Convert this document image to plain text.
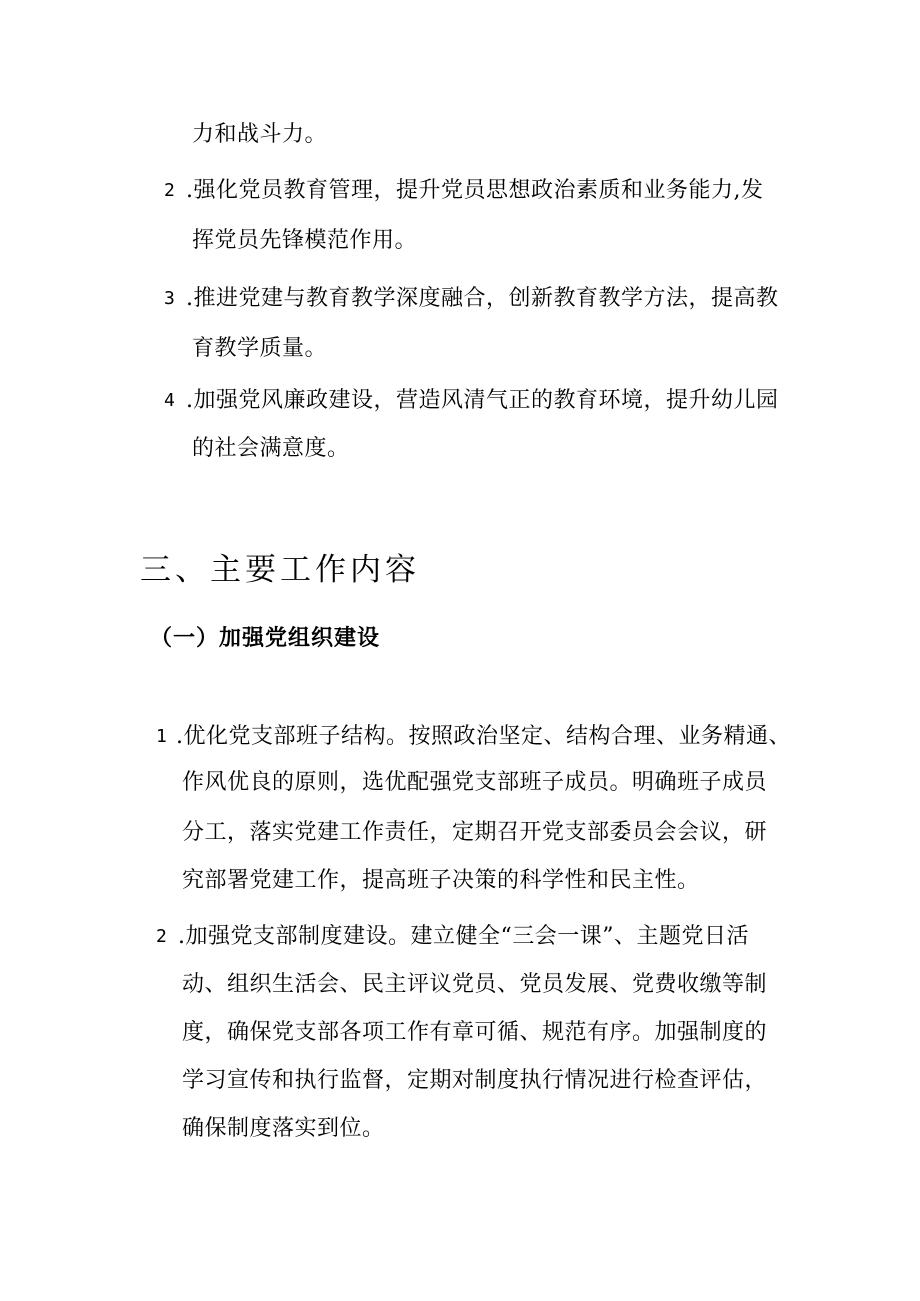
力和战斗力。
2 .强化党员教育管理，提升党员思想政治素质和业务能力,发
挥党员先锋模范作用。
3 .推进党建与教育教学深度融合，创新教育教学方法，提高教
育教学质量。
4 .加强党风廉政建设，营造风清气正的教育环境，提升幼儿园
的社会满意度。
三、主要工作内容
（一）加强党组织建设
1 .优化党支部班子结构。按照政治坚定、结构合理、业务精通、
作风优良的原则，选优配强党支部班子成员。明确班子成员
分工，落实党建工作责任，定期召开党支部委员会会议，研
究部署党建工作，提高班子决策的科学性和民主性。
2 .加强党支部制度建设。建立健全“三会一课”、主题党日活
动、组织生活会、民主评议党员、党员发展、党费收缴等制
度，确保党支部各项工作有章可循、规范有序。加强制度的
学习宣传和执行监督，定期对制度执行情况进行检查评估，
确保制度落实到位。
